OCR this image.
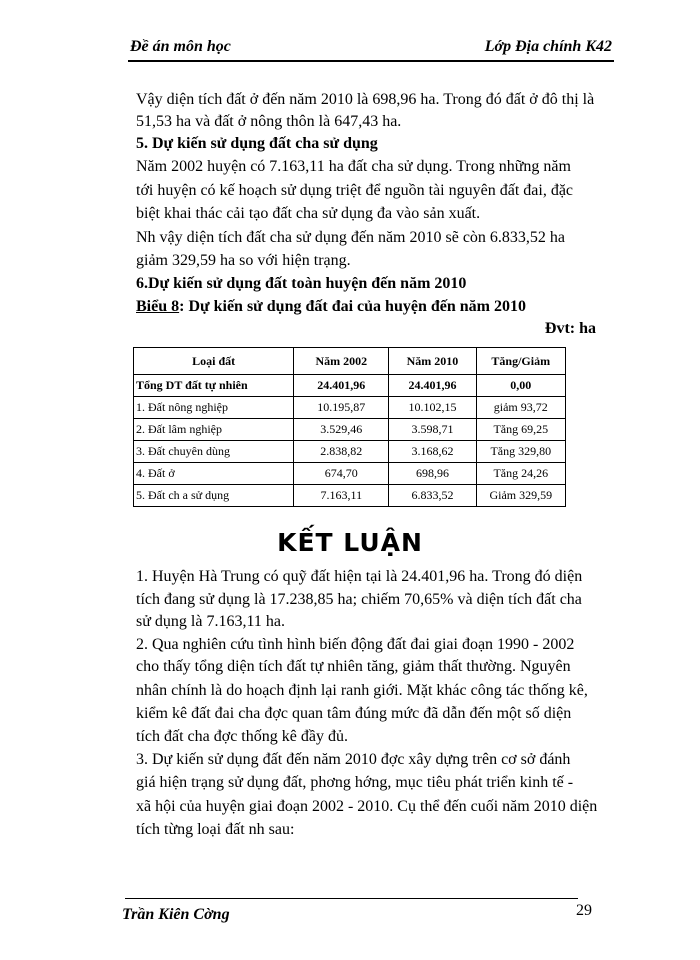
Đề án môn học	Lớp Địa chính K42
Vậy diện tích đất ở đến năm 2010 là 698,96 ha. Trong đó đất ở đô thị là
51,53 ha và đất ở nông thôn là 647,43 ha.
5. Dự kiến sử dụng đất cha sử dụng
Năm 2002 huyện có 7.163,11 ha đất cha sử dụng. Trong những năm
tới huyện có kế hoạch sử dụng triệt để nguồn tài nguyên đất đai, đặc
biệt khai thác cải tạo đất cha sử dụng đa vào sản xuất.
Nh vậy diện tích đất cha sử dụng đến năm 2010 sẽ còn 6.833,52 ha
giảm 329,59 ha so với hiện trạng.
6.Dự kiến sử dụng đất toàn huyện đến năm 2010
Biểu 8: Dự kiến sử dụng đất đai của huyện đến năm 2010
Đvt: ha
Loại đất	Năm 2002	Năm 2010	Tăng/Giảm
Tổng DT đất tự nhiên	24.401,96	24.401,96	0,00
1. Đất nông nghiệp	10.195,87	10.102,15	giảm 93,72
2. Đất lâm nghiệp	3.529,46	3.598,71	Tăng 69,25
3. Đất chuyên dùng	2.838,82	3.168,62	Tăng 329,80
4. Đất ở	674,70	698,96	Tăng 24,26
5. Đất ch a sử dụng	7.163,11	6.833,52	Giảm 329,59
KẾT LUẬN
1. Huyện Hà Trung có quỹ đất hiện tại là 24.401,96 ha. Trong đó diện
tích đang sử dụng là 17.238,85 ha; chiếm 70,65% và diện tích đất cha
sử dụng là 7.163,11 ha.
2. Qua nghiên cứu tình hình biến động đất đai giai đoạn 1990 - 2002
cho thấy tổng diện tích đất tự nhiên tăng, giảm thất thường. Nguyên
nhân chính là do hoạch định lại ranh giới. Mặt khác công tác thống kê,
kiểm kê đất đai cha đợc quan tâm đúng mức đã dẫn đến một số diện
tích đất cha đợc thống kê đầy đủ.
3. Dự kiến sử dụng đất đến năm 2010 đợc xây dựng trên cơ sở đánh
giá hiện trạng sử dụng đất, phơng hớng, mục tiêu phát triển kinh tế -
xã hội của huyện giai đoạn 2002 - 2010. Cụ thể đến cuối năm 2010 diện
tích từng loại đất nh sau:
Trần Kiên Cờng	29
